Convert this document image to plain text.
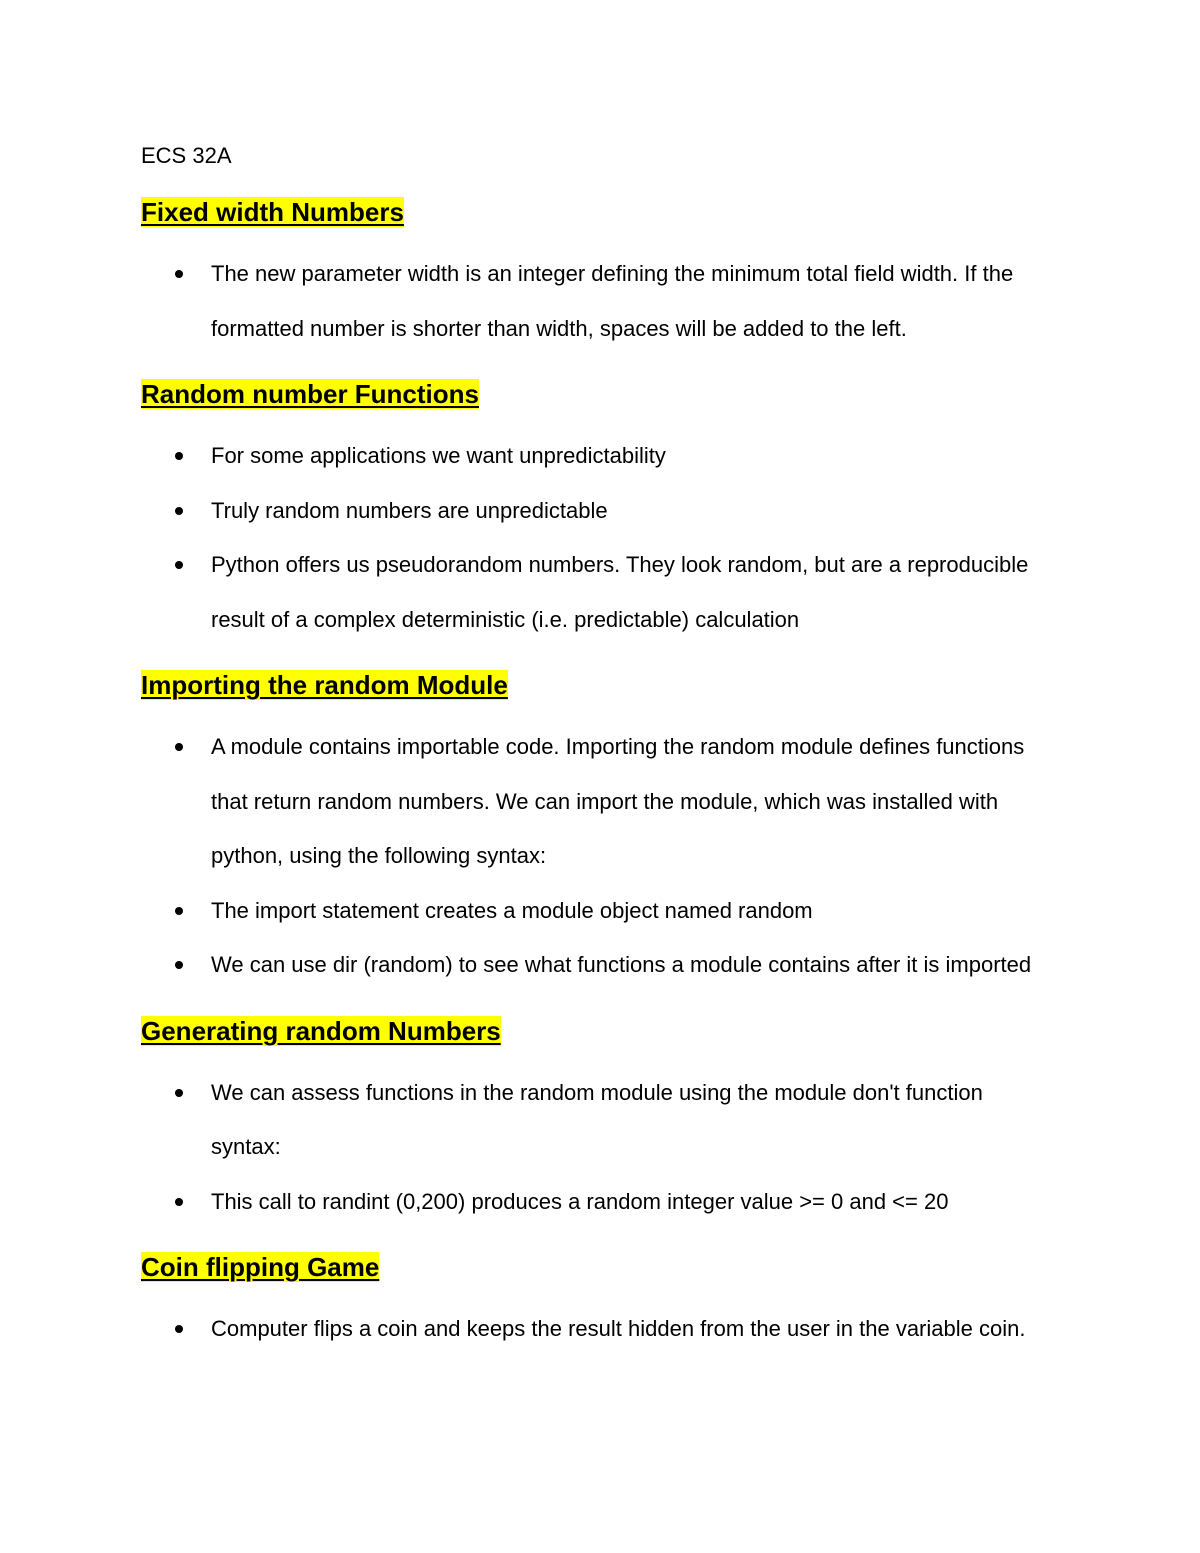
ECS 32A

Fixed width Numbers
The new parameter width is an integer defining the minimum total field width. If the formatted number is shorter than width, spaces will be added to the left.
Random number Functions
For some applications we want unpredictability
Truly random numbers are unpredictable
Python offers us pseudorandom numbers. They look random, but are a reproducible result of a complex deterministic (i.e. predictable) calculation
Importing the random Module
A module contains importable code. Importing the random module defines functions that return random numbers. We can import the module, which was installed with python, using the following syntax:
The import statement creates a module object named random
We can use dir (random) to see what functions a module contains after it is imported
Generating random Numbers
We can assess functions in the random module using the module don't function syntax:
This call to randint (0,200) produces a random integer value >= 0 and <= 20
Coin flipping Game
Computer flips a coin and keeps the result hidden from the user in the variable coin.
